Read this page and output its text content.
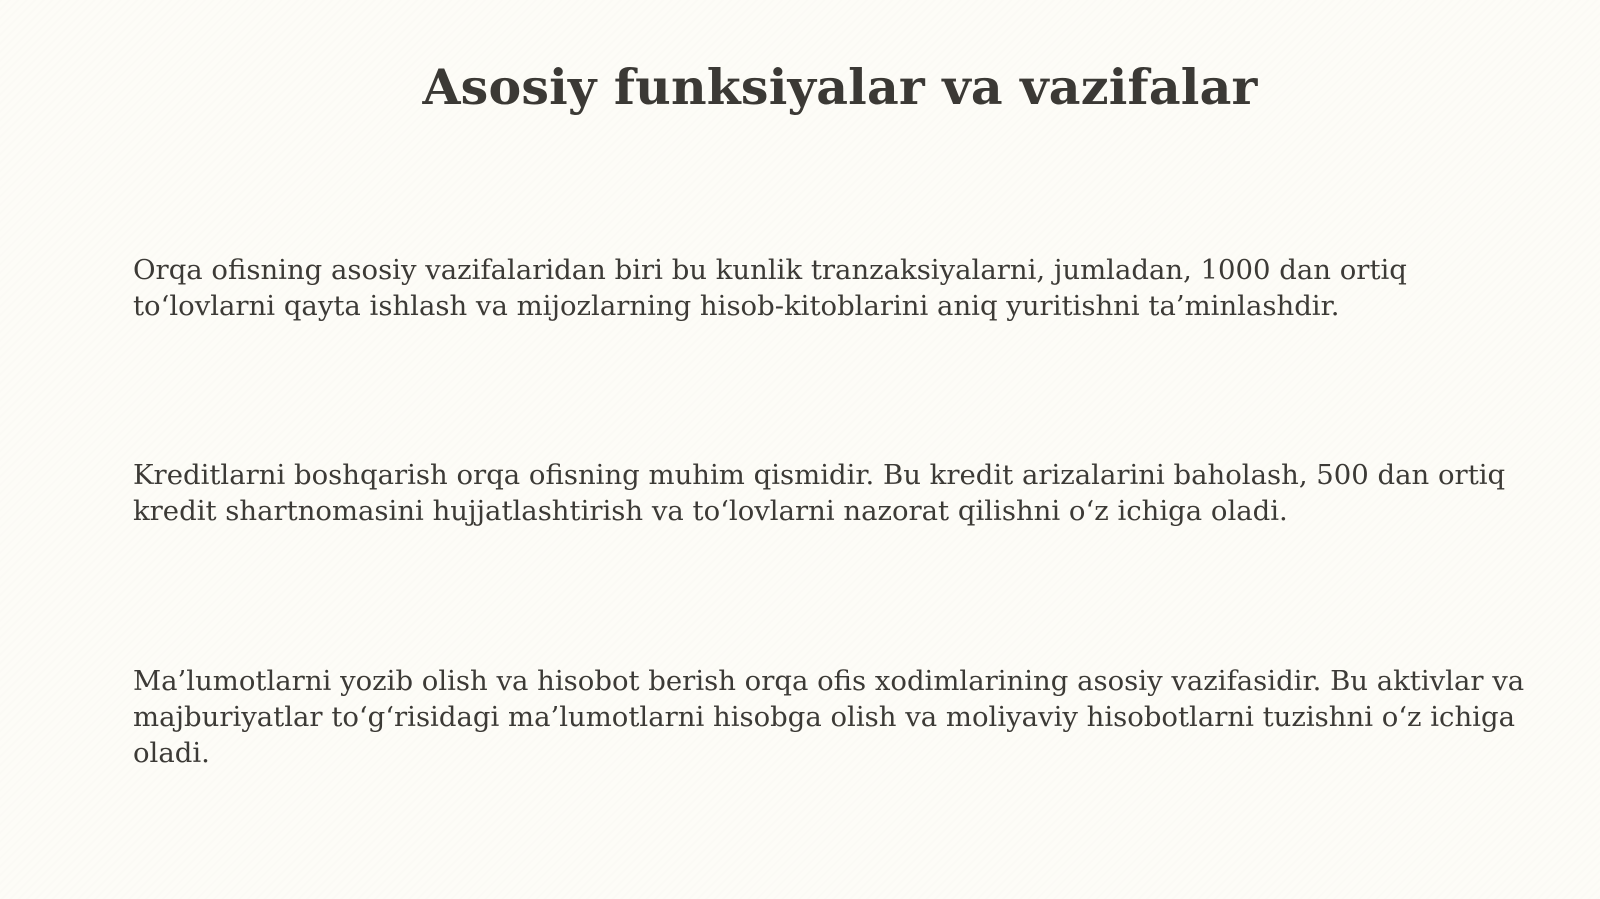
Asosiy funksiyalar va vazifalar

Orqa ofisning asosiy vazifalaridan biri bu kunlik tranzaksiyalarni, jumladan, 1000 dan ortiq to‘lovlarni qayta ishlash va mijozlarning hisob-kitoblarini aniq yuritishni ta’minlashdir.

Kreditlarni boshqarish orqa ofisning muhim qismidir. Bu kredit arizalarini baholash, 500 dan ortiq kredit shartnomasini hujjatlashtirish va to‘lovlarni nazorat qilishni o‘z ichiga oladi.

Ma’lumotlarni yozib olish va hisobot berish orqa ofis xodimlarining asosiy vazifasidir. Bu aktivlar va majburiyatlar to‘g‘risidagi ma’lumotlarni hisobga olish va moliyaviy hisobotlarni tuzishni o‘z ichiga oladi.
